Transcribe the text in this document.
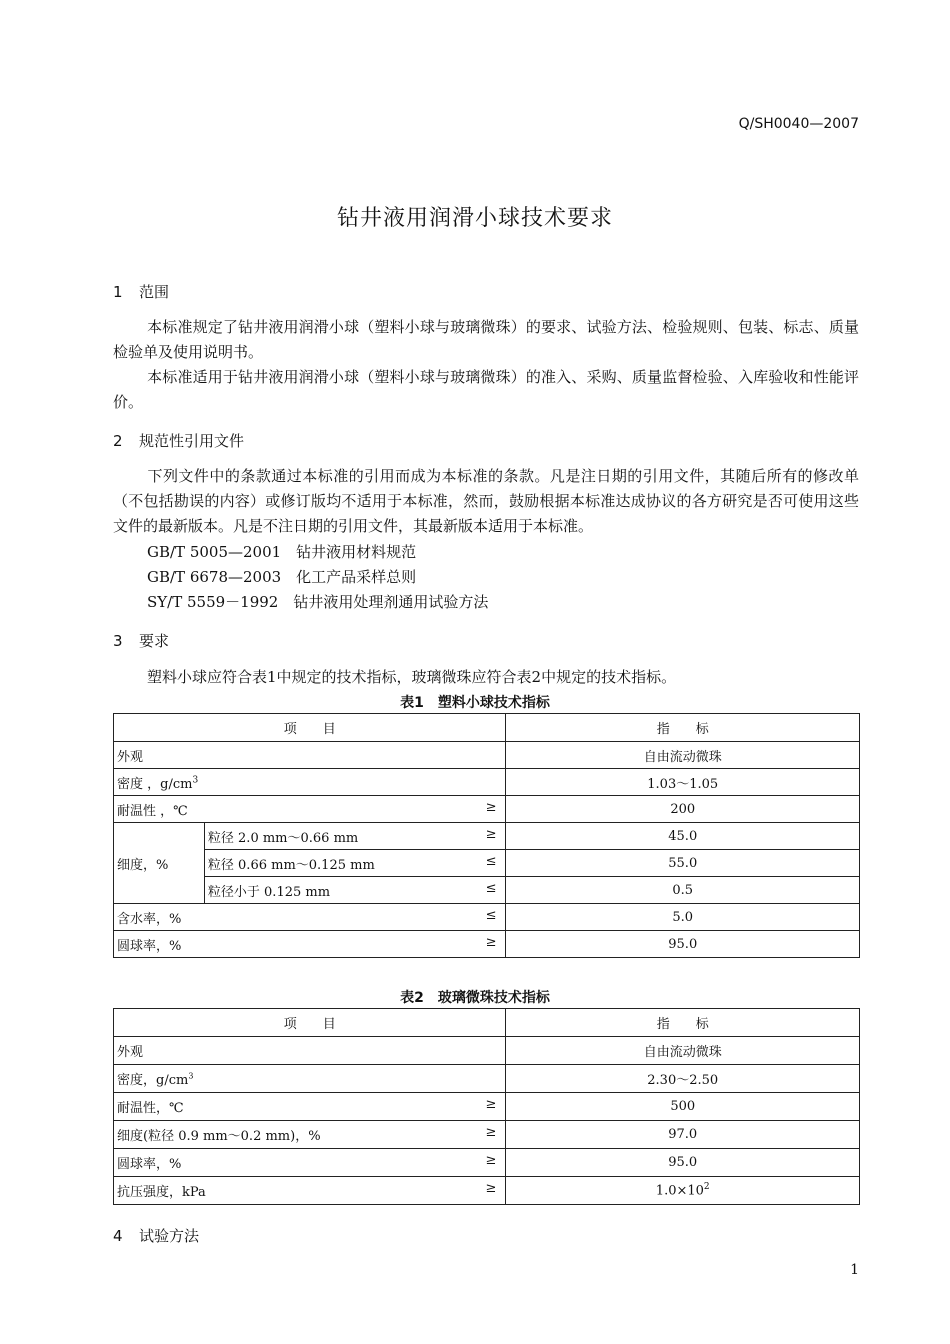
Q/SH0040—2007
钻井液用润滑小球技术要求
1 范围
本标准规定了钻井液用润滑小球（塑料小球与玻璃微珠）的要求、试验方法、检验规则、包装、标志、质量检验单及使用说明书。
本标准适用于钻井液用润滑小球（塑料小球与玻璃微珠）的准入、采购、质量监督检验、入库验收和性能评价。
2 规范性引用文件
下列文件中的条款通过本标准的引用而成为本标准的条款。凡是注日期的引用文件，其随后所有的修改单（不包括勘误的内容）或修订版均不适用于本标准，然而，鼓励根据本标准达成协议的各方研究是否可使用这些文件的最新版本。凡是不注日期的引用文件，其最新版本适用于本标准。
GB/T 5005—2001　钻井液用材料规范
GB/T 6678—2003　化工产品采样总则
SY/T 5559－1992　钻井液用处理剂通用试验方法
3 要求
塑料小球应符合表1中规定的技术指标，玻璃微珠应符合表2中规定的技术指标。
表1　塑料小球技术指标
项　　目		指　　标
外观		自由流动微珠
密度 ，$g/cm^3$		1.03～1.05
耐温性 ，℃ ≥		200
细度，%	粒径 2.0 mm～0.66 mm ≥	45.0
	粒径 0.66 mm～0.125 mm ≤	55.0
	粒径小于 0.125 mm ≤	0.5
含水率，% ≤		5.0
圆球率，% ≥		95.0
表2　玻璃微珠技术指标
项　　目	指　　标
外观	自由流动微珠
密度，$g/cm^3$	2.30～2.50
耐温性，℃ ≥	500
细度(粒径 0.9 mm～0.2 mm)，% ≥	97.0
圆球率，% ≥	95.0
抗压强度，kPa ≥	$1.0\times 10^2$
4 试验方法
1
